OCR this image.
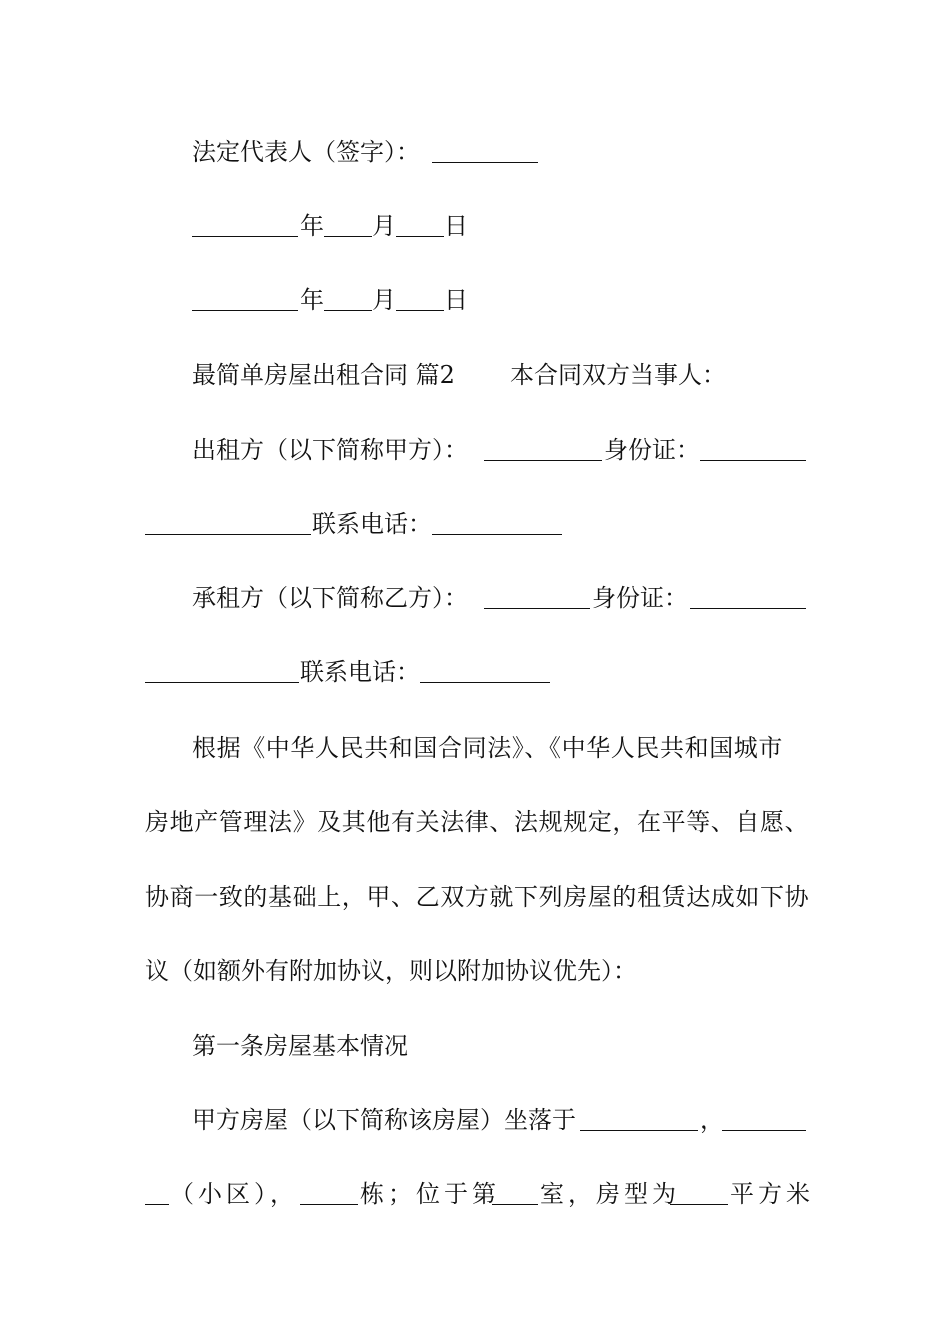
法定代表人（签字）：
年 月 日
年 月 日
最简单房屋出租合同 篇2 本合同双方当事人：
出租方（以下简称甲方）：	身份证：
联系电话：
承租方（以下简称乙方）：	身份证：
联系电话：
根据《中华人民共和国合同法》、《中华人民共和国城市
房地产管理法》及其他有关法律、法规规定，在平等、自愿、
协商一致的基础上，甲、乙双方就下列房屋的租赁达成如下协
议（如额外有附加协议，则以附加协议优先）：
第一条房屋基本情况
甲方房屋（以下简称该房屋）坐落于	，
（小区），	栋；位于第 室，房型为 平方米
